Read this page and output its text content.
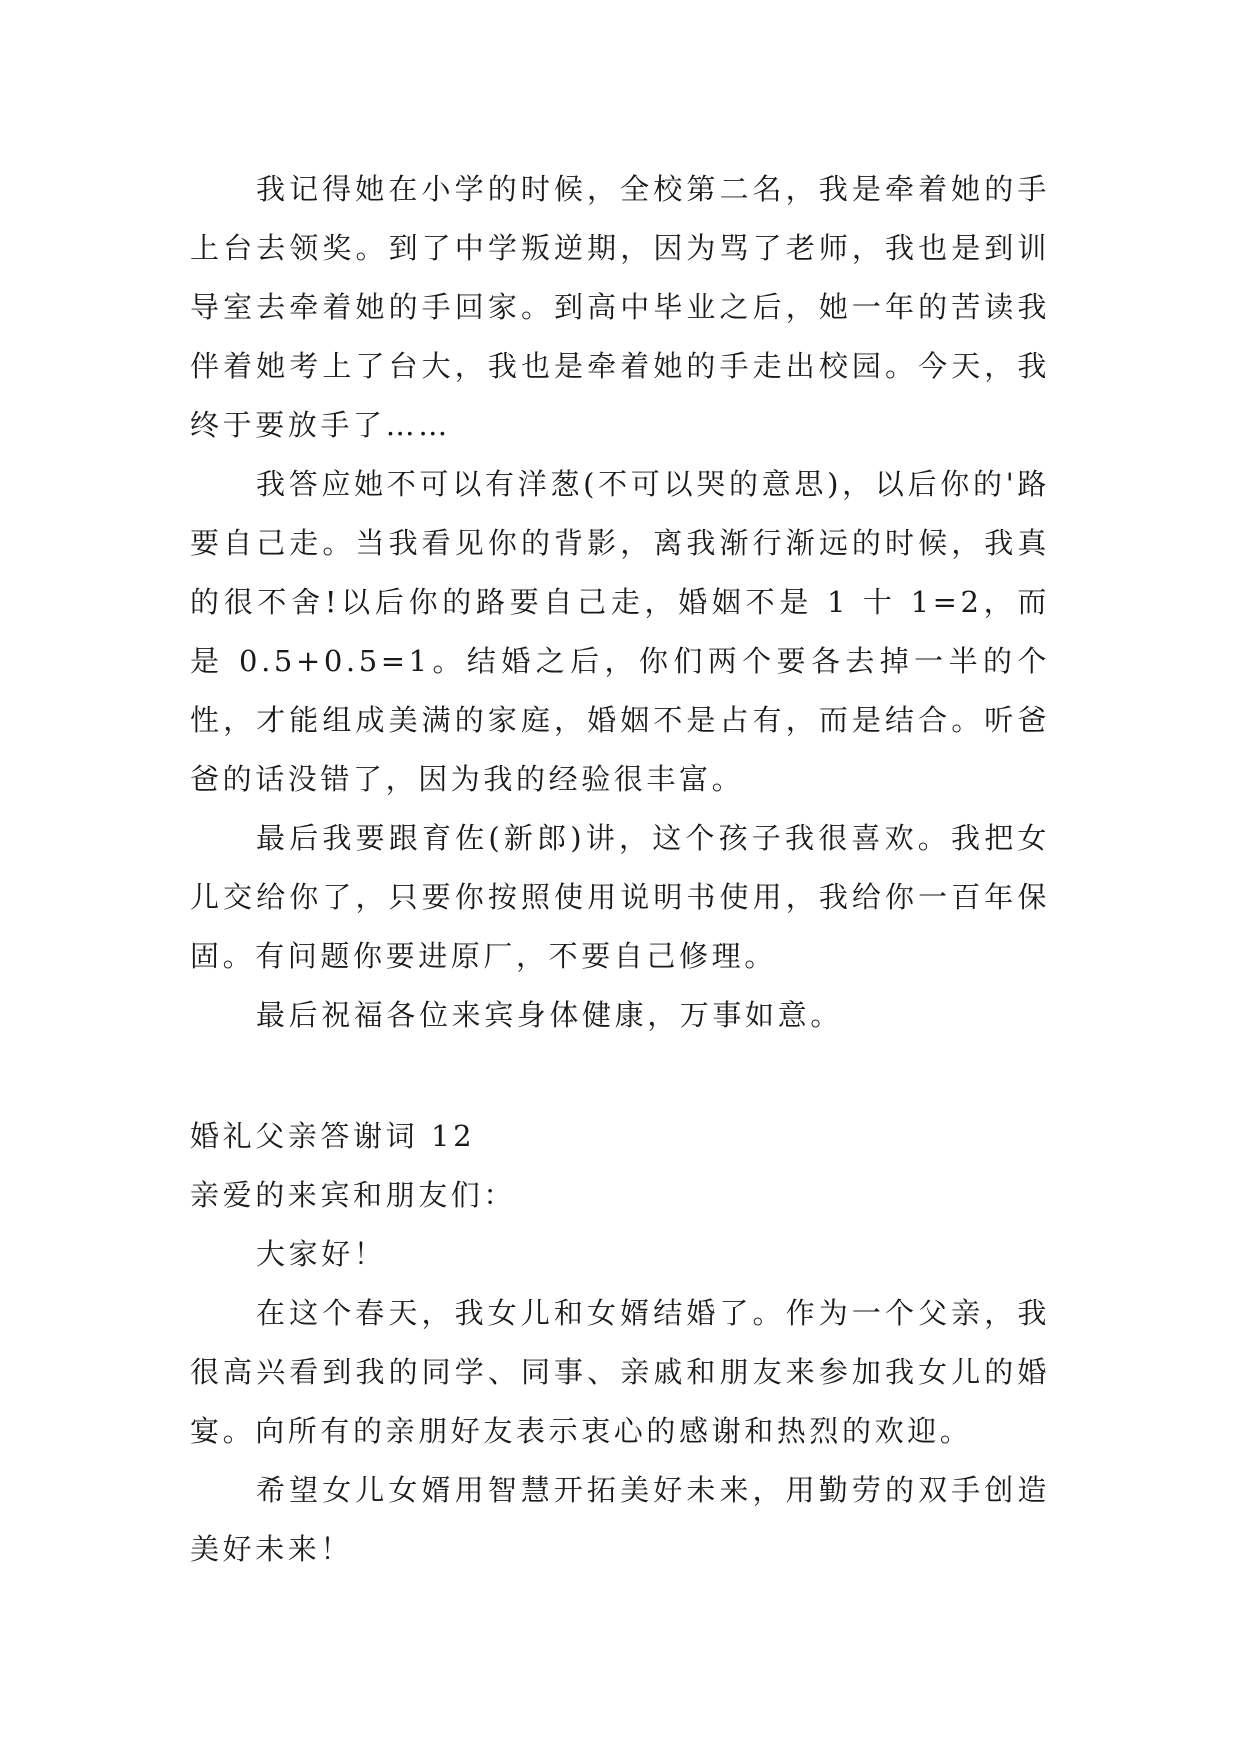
我记得她在小学的时候，全校第二名，我是牵着她的手上台去领奖。到了中学叛逆期，因为骂了老师，我也是到训导室去牵着她的手回家。到高中毕业之后，她一年的苦读我伴着她考上了台大，我也是牵着她的手走出校园。今天，我终于要放手了……

我答应她不可以有洋葱(不可以哭的意思)，以后你的'路要自己走。当我看见你的背影，离我渐行渐远的时候，我真的很不舍!以后你的路要自己走，婚姻不是 1 十 1=2，而是 0.5+0.5=1。结婚之后，你们两个要各去掉一半的个性，才能组成美满的家庭，婚姻不是占有，而是结合。听爸爸的话没错了，因为我的经验很丰富。

最后我要跟育佐(新郎)讲，这个孩子我很喜欢。我把女儿交给你了，只要你按照使用说明书使用，我给你一百年保固。有问题你要进原厂，不要自己修理。

最后祝福各位来宾身体健康，万事如意。

婚礼父亲答谢词 12

亲爱的来宾和朋友们：

大家好！

在这个春天，我女儿和女婿结婚了。作为一个父亲，我很高兴看到我的同学、同事、亲戚和朋友来参加我女儿的婚宴。向所有的亲朋好友表示衷心的感谢和热烈的欢迎。

希望女儿女婿用智慧开拓美好未来，用勤劳的双手创造美好未来！
